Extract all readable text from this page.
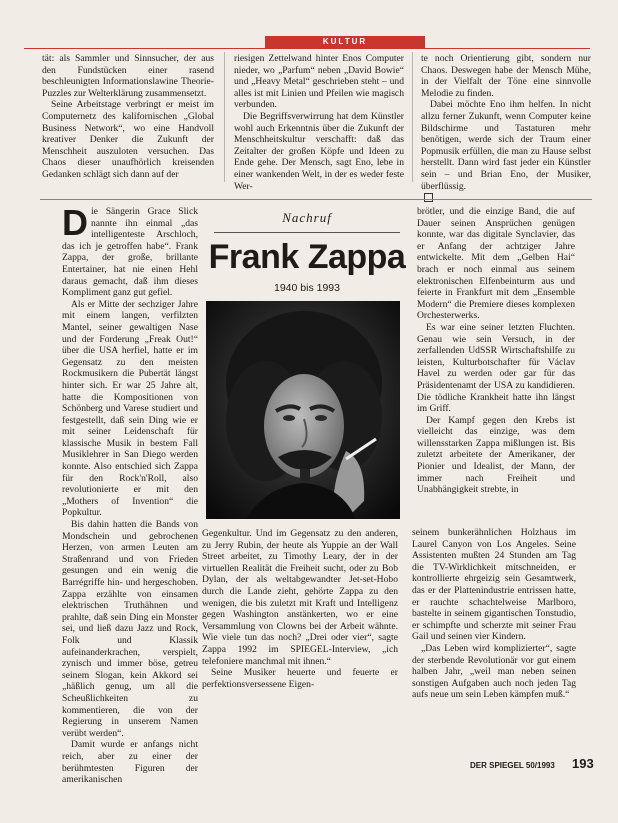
KULTUR

tät: als Sammler und Sinnsucher, der aus den Fundstücken einer rasend beschleunigten Informationslawine Theorie-Puzzles zur Welterklärung zusammensetzt.

Seine Arbeitstage verbringt er meist im Computernetz des kalifornischen „Global Business Network“, wo eine Handvoll kreativer Denker die Zukunft der Menschheit auszuloten versuchen. Das Chaos dieser unaufhörlich kreisenden Gedanken schlägt sich dann auf der

riesigen Zettelwand hinter Enos Computer nieder, wo „Parfum“ neben „David Bowie“ und „Heavy Metal“ geschrieben steht – und alles ist mit Linien und Pfeilen wie magisch verbunden.

Die Begriffsverwirrung hat dem Künstler wohl auch Erkenntnis über die Zukunft der Menschheitskultur verschafft: daß das Zeitalter der großen Köpfe und Ideen zu Ende gehe. Der Mensch, sagt Eno, lebe in einer wankenden Welt, in der es weder feste Wer-

te noch Orientierung gibt, sondern nur Chaos. Deswegen habe der Mensch Mühe, in der Vielfalt der Töne eine sinnvolle Melodie zu finden.

Dabei möchte Eno ihm helfen. In nicht allzu ferner Zukunft, wenn Computer keine Bildschirme und Tastaturen mehr benötigen, werde sich der Traum einer Popmusik erfüllen, die man zu Hause selbst herstellt. Dann wird fast jeder ein Künstler sein – und Brian Eno, der Musiker, überflüssig.

Die Sängerin Grace Slick nannte ihn einmal „das intelligenteste Arschloch, das ich je getroffen habe“. Frank Zappa, der große, brillante Entertainer, hat nie einen Hehl daraus gemacht, daß ihm dieses Kompliment ganz gut gefiel.

Als er Mitte der sechziger Jahre mit einem langen, verfilzten Mantel, seiner gewaltigen Nase und der Forderung „Freak Out!“ über die USA herfiel, hatte er im Gegensatz zu den meisten Rockmusikern die Pubertät längst hinter sich. Er war 25 Jahre alt, hatte die Kompositionen von Schönberg und Varese studiert und festgestellt, daß sein Ding wie er mit seiner Leidenschaft für klassische Musik in bestem Fall Musiklehrer in San Diego werden konnte. Also entschied sich Zappa für den Rock'n'Roll, also revolutionierte er mit den „Mothers of Invention“ die Popkultur.

Bis dahin hatten die Bands von Mondschein und gebrochenen Herzen, von armen Leuten am Straßenrand und von Frieden gesungen und ein wenig die Barrégriffe hin- und hergeschoben. Zappa erzählte von einsamen elektrischen Truthähnen und prahlte, daß sein Ding ein Monster sei, und ließ dazu Jazz und Rock, Folk und Klassik aufeinanderkrachen, verspielt, zynisch und immer böse, getreu seinem Slogan, kein Akkord sei „häßlich genug, um all die Scheußlichkeiten zu kommentieren, die von der Regierung in unserem Namen verübt werden“.

Damit wurde er anfangs nicht reich, aber zu einer der berühmtesten Figuren der amerikanischen

Nachruf
Frank Zappa
1940 bis 1993

Gegenkultur. Und im Gegensatz zu den anderen, zu Jerry Rubin, der heute als Yuppie an der Wall Street arbeitet, zu Timothy Leary, der in der virtuellen Realität die Freiheit sucht, oder zu Bob Dylan, der als weltabgewandter Jet-set-Hobo durch die Lande zieht, gehörte Zappa zu den wenigen, die bis zuletzt mit Kraft und Intelligenz gegen Washington anstänkerten, wo er eine Versammlung von Clowns bei der Arbeit wähnte. Wie viele tun das noch? „Drei oder vier“, sagte Zappa 1992 im SPIEGEL-Interview, „ich telefoniere manchmal mit ihnen.“

Seine Musiker heuerte und feuerte er perfektionsversessene Eigen-

brötler, und die einzige Band, die auf Dauer seinen Ansprüchen genügen konnte, war das digitale Synclavier, das er Anfang der achtziger Jahre entwickelte. Mit dem „Gelben Hai“ brach er noch einmal aus seinem elektronischen Elfenbeinturm aus und feierte in Frankfurt mit dem „Ensemble Modern“ die Premiere dieses komplexen Orchesterwerks.

Es war eine seiner letzten Fluchten. Genau wie sein Versuch, in der zerfallenden UdSSR Wirtschaftshilfe zu leisten, Kulturbotschafter für Václav Havel zu werden oder gar für das Präsidentenamt der USA zu kandidieren. Die tödliche Krankheit hatte ihn längst im Griff.

Der Kampf gegen den Krebs ist vielleicht das einzige, was dem willensstarken Zappa mißlungen ist. Bis zuletzt arbeitete der Amerikaner, der Pionier und Idealist, der Mann, der immer nach Freiheit und Unabhängigkeit strebte, in

seinem bunkerähnlichen Holzhaus im Laurel Canyon von Los Angeles. Seine Assistenten mußten 24 Stunden am Tag die TV-Wirklichkeit mitschneiden, er kontrollierte ehrgeizig sein Gesamtwerk, das er der Plattenindustrie entrissen hatte, er rauchte schachtelweise Marlboro, bastelte in seinem gigantischen Tonstudio, er schimpfte und scherzte mit seiner Frau Gail und seinen vier Kindern.

„Das Leben wird komplizierter“, sagte der sterbende Revolutionär vor gut einem halben Jahr, „weil man neben seinen sonstigen Aufgaben auch noch jeden Tag aufs neue um sein Leben kämpfen muß.“

DER SPIEGEL 50/1993 193
